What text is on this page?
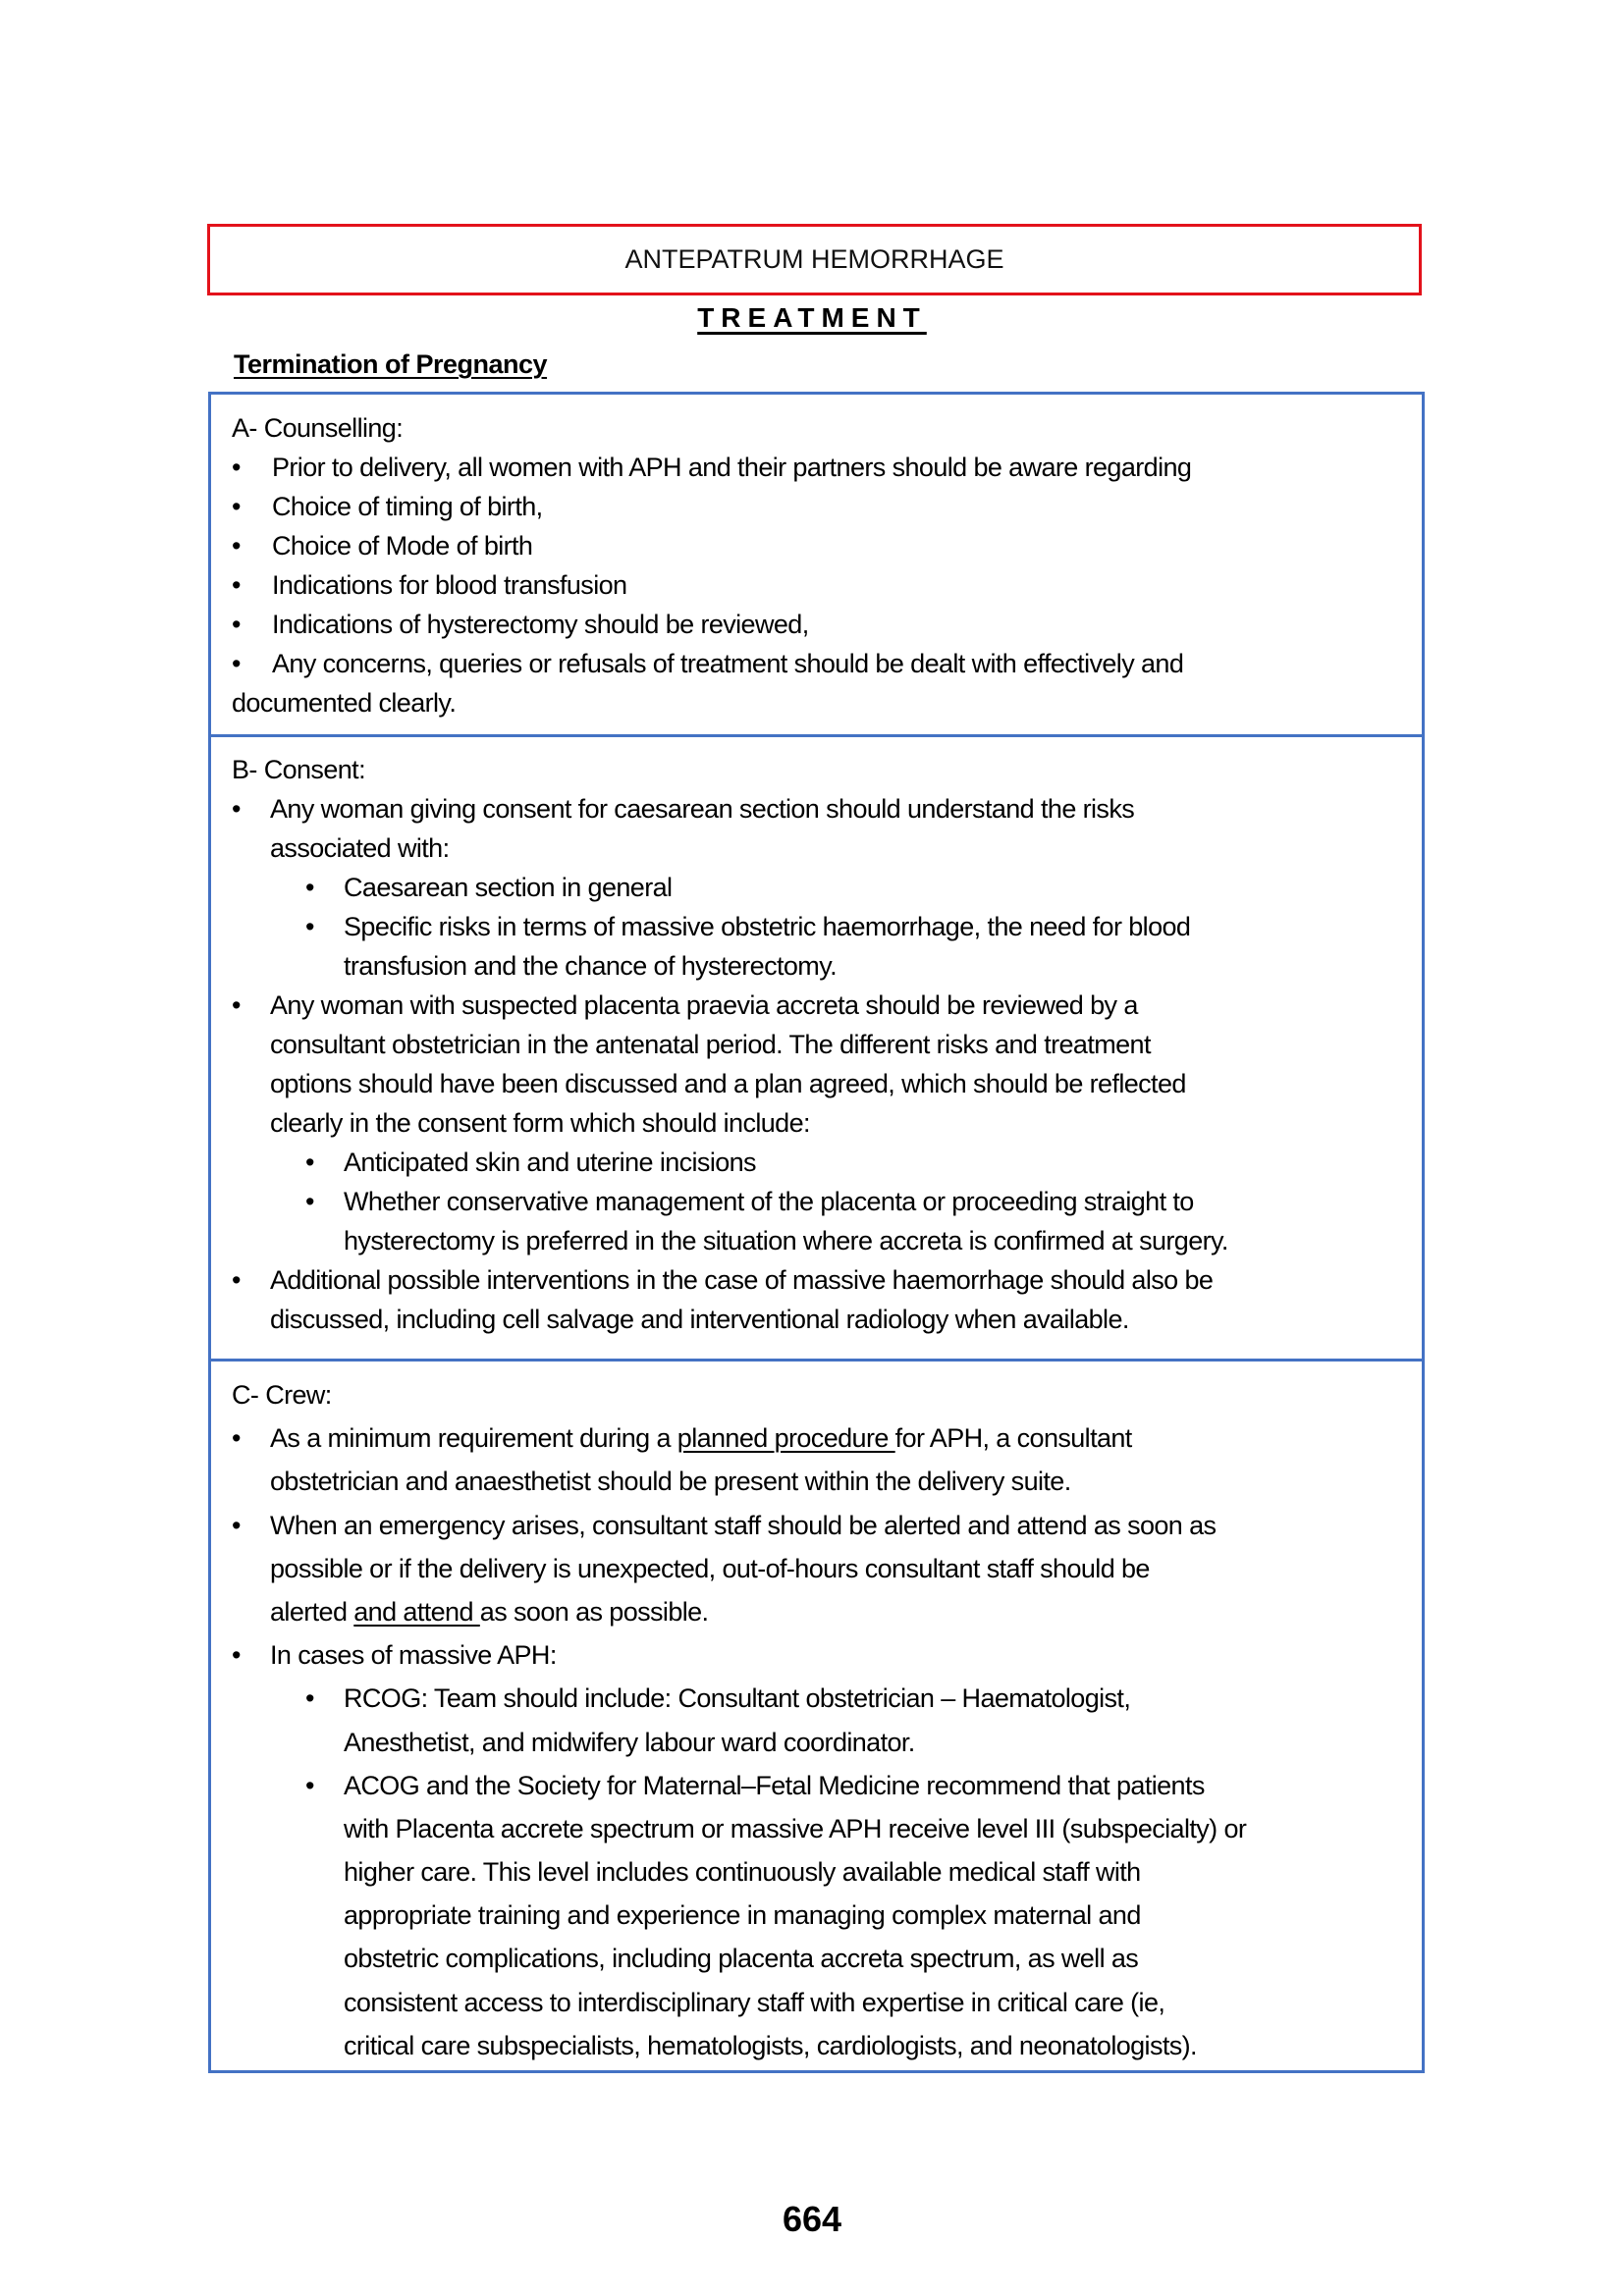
ANTEPATRUM HEMORRHAGE
TREATMENT
Termination of Pregnancy
A- Counselling:
• Prior to delivery, all women with APH and their partners should be aware regarding
• Choice of timing of birth,
• Choice of Mode of birth
• Indications for blood transfusion
• Indications of hysterectomy should be reviewed,
• Any concerns, queries or refusals of treatment should be dealt with effectively and
documented clearly.
B- Consent:
• Any woman giving consent for caesarean section should understand the risks
associated with:
• Caesarean section in general
• Specific risks in terms of massive obstetric haemorrhage, the need for blood
transfusion and the chance of hysterectomy.
• Any woman with suspected placenta praevia accreta should be reviewed by a
consultant obstetrician in the antenatal period. The different risks and treatment
options should have been discussed and a plan agreed, which should be reflected
clearly in the consent form which should include:
• Anticipated skin and uterine incisions
• Whether conservative management of the placenta or proceeding straight to
hysterectomy is preferred in the situation where accreta is confirmed at surgery.
• Additional possible interventions in the case of massive haemorrhage should also be
discussed, including cell salvage and interventional radiology when available.
C- Crew:
• As a minimum requirement during a planned procedure for APH, a consultant
obstetrician and anaesthetist should be present within the delivery suite.
• When an emergency arises, consultant staff should be alerted and attend as soon as
possible or if the delivery is unexpected, out-of-hours consultant staff should be
alerted and attend as soon as possible.
• In cases of massive APH:
• RCOG: Team should include: Consultant obstetrician – Haematologist,
Anesthetist, and midwifery labour ward coordinator.
• ACOG and the Society for Maternal–Fetal Medicine recommend that patients
with Placenta accrete spectrum or massive APH receive level III (subspecialty) or
higher care. This level includes continuously available medical staff with
appropriate training and experience in managing complex maternal and
obstetric complications, including placenta accreta spectrum, as well as
consistent access to interdisciplinary staff with expertise in critical care (ie,
critical care subspecialists, hematologists, cardiologists, and neonatologists).
664
